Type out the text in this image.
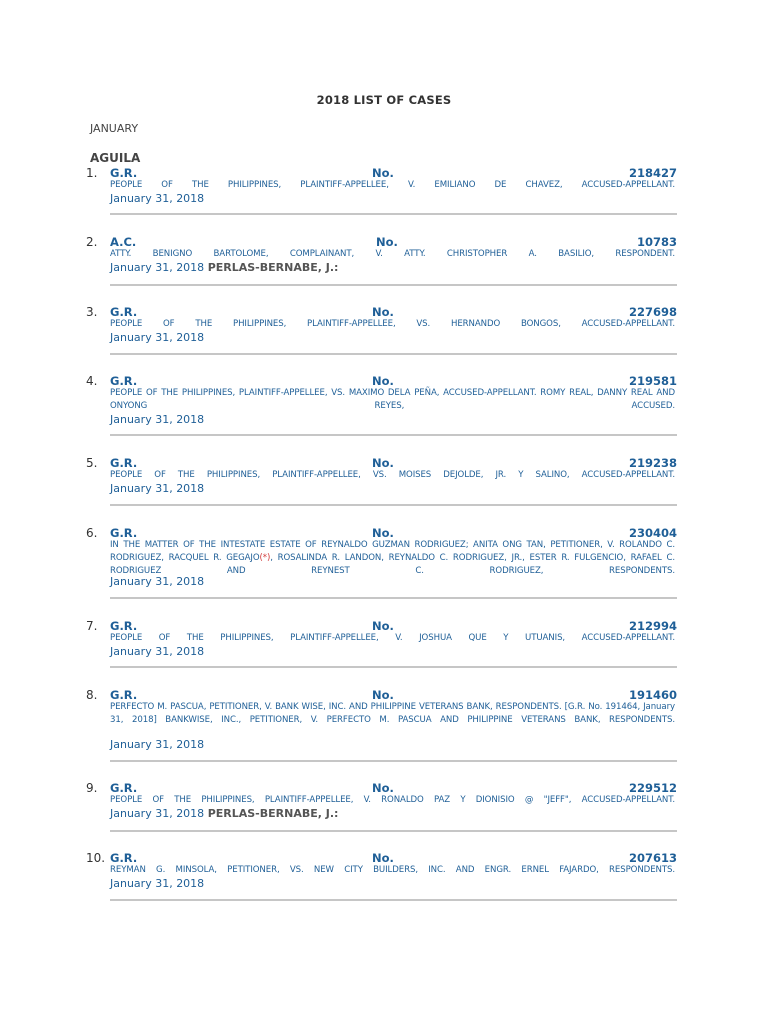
2018 LIST OF CASES
JANUARY
AGUILA
1.	G.R.	No.	218427
PEOPLE OF THE PHILIPPINES, PLAINTIFF-APPELLEE, V. EMILIANO DE CHAVEZ, ACCUSED-APPELLANT.
January 31, 2018
2.	A.C.	No.	10783
ATTY. BENIGNO BARTOLOME, COMPLAINANT, V. ATTY. CHRISTOPHER A. BASILIO, RESPONDENT.
January 31, 2018 PERLAS-BERNABE, J.:
3.	G.R.	No.	227698
PEOPLE OF THE PHILIPPINES, PLAINTIFF-APPELLEE, VS. HERNANDO BONGOS, ACCUSED-APPELLANT.
January 31, 2018
4.	G.R.	No.	219581
PEOPLE OF THE PHILIPPINES, PLAINTIFF-APPELLEE, VS. MAXIMO DELA PEÑA, ACCUSED-APPELLANT. ROMY REAL, DANNY REAL AND ONYONG REYES, ACCUSED.
January 31, 2018
5.	G.R.	No.	219238
PEOPLE OF THE PHILIPPINES, PLAINTIFF-APPELLEE, VS. MOISES DEJOLDE, JR. Y SALINO, ACCUSED-APPELLANT.
January 31, 2018
6.	G.R.	No.	230404
IN THE MATTER OF THE INTESTATE ESTATE OF REYNALDO GUZMAN RODRIGUEZ; ANITA ONG TAN, PETITIONER, V. ROLANDO C. RODRIGUEZ, RACQUEL R. GEGAJO(*), ROSALINDA R. LANDON, REYNALDO C. RODRIGUEZ, JR., ESTER R. FULGENCIO, RAFAEL C. RODRIGUEZ AND REYNEST C. RODRIGUEZ, RESPONDENTS.
January 31, 2018
7.	G.R.	No.	212994
PEOPLE OF THE PHILIPPINES, PLAINTIFF-APPELLEE, V. JOSHUA QUE Y UTUANIS, ACCUSED-APPELLANT.
January 31, 2018
8.	G.R.	No.	191460
PERFECTO M. PASCUA, PETITIONER, V. BANK WISE, INC. AND PHILIPPINE VETERANS BANK, RESPONDENTS. [G.R. No. 191464, January 31, 2018] BANKWISE, INC., PETITIONER, V. PERFECTO M. PASCUA AND PHILIPPINE VETERANS BANK, RESPONDENTS.
January 31, 2018
9.	G.R.	No.	229512
PEOPLE OF THE PHILIPPINES, PLAINTIFF-APPELLEE, V. RONALDO PAZ Y DIONISIO @ "JEFF", ACCUSED-APPELLANT.
January 31, 2018 PERLAS-BERNABE, J.:
10. G.R.	No.	207613
REYMAN G. MINSOLA, PETITIONER, VS. NEW CITY BUILDERS, INC. AND ENGR. ERNEL FAJARDO, RESPONDENTS.
January 31, 2018
